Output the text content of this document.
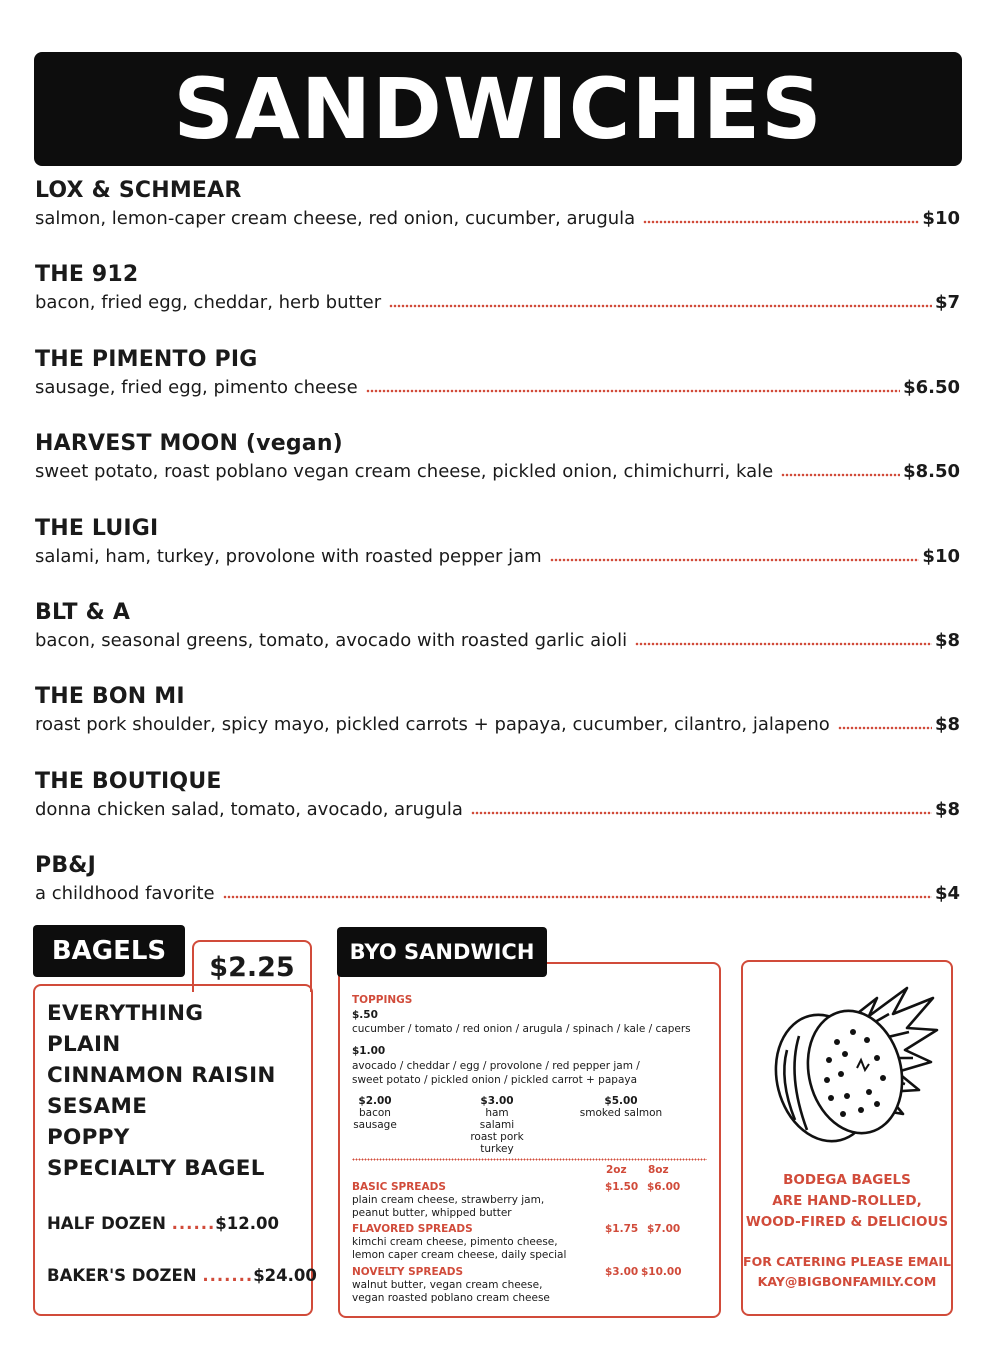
SANDWICHES
LOX & SCHMEAR
salmon, lemon-caper cream cheese, red onion, cucumber, arugula	$10
THE 912
bacon, fried egg, cheddar, herb butter	$7
THE PIMENTO PIG
sausage, fried egg, pimento cheese	$6.50
HARVEST MOON (vegan)
sweet potato, roast poblano vegan cream cheese, pickled onion, chimichurri, kale	$8.50
THE LUIGI
salami, ham, turkey, provolone with roasted pepper jam	$10
BLT & A
bacon, seasonal greens, tomato, avocado with roasted garlic aioli	$8
THE BON MI
roast pork shoulder, spicy mayo, pickled carrots + papaya, cucumber, cilantro, jalapeno	$8
THE BOUTIQUE
donna chicken salad, tomato, avocado, arugula	$8
PB&J
a childhood favorite	$4
$2.25
EVERYTHING
PLAIN
CINNAMON RAISIN
SESAME
POPPY
SPECIALTY BAGEL
HALF DOZEN ......$12.00
BAKER'S DOZEN .......$24.00
BAGELS
TOPPINGS
$.50
cucumber / tomato / red onion / arugula / spinach / kale / capers
$1.00
avocado / cheddar / egg / provolone / red pepper jam /
sweet potato / pickled onion / pickled carrot + papaya
$2.00
bacon
sausage
$3.00
ham
salami
roast pork
turkey
$5.00
smoked salmon
2oz 8oz
BASIC SPREADS	$1.50 $6.00
plain cream cheese, strawberry jam,
peanut butter, whipped butter
FLAVORED SPREADS	$1.75 $7.00
kimchi cream cheese, pimento cheese,
lemon caper cream cheese, daily special
NOVELTY SPREADS	$3.00 $10.00
walnut butter, vegan cream cheese,
vegan roasted poblano cream cheese
BYO SANDWICH
BODEGA BAGELS
ARE HAND-ROLLED,
WOOD-FIRED & DELICIOUS
FOR CATERING PLEASE EMAIL
KAY@BIGBONFAMILY.COM
